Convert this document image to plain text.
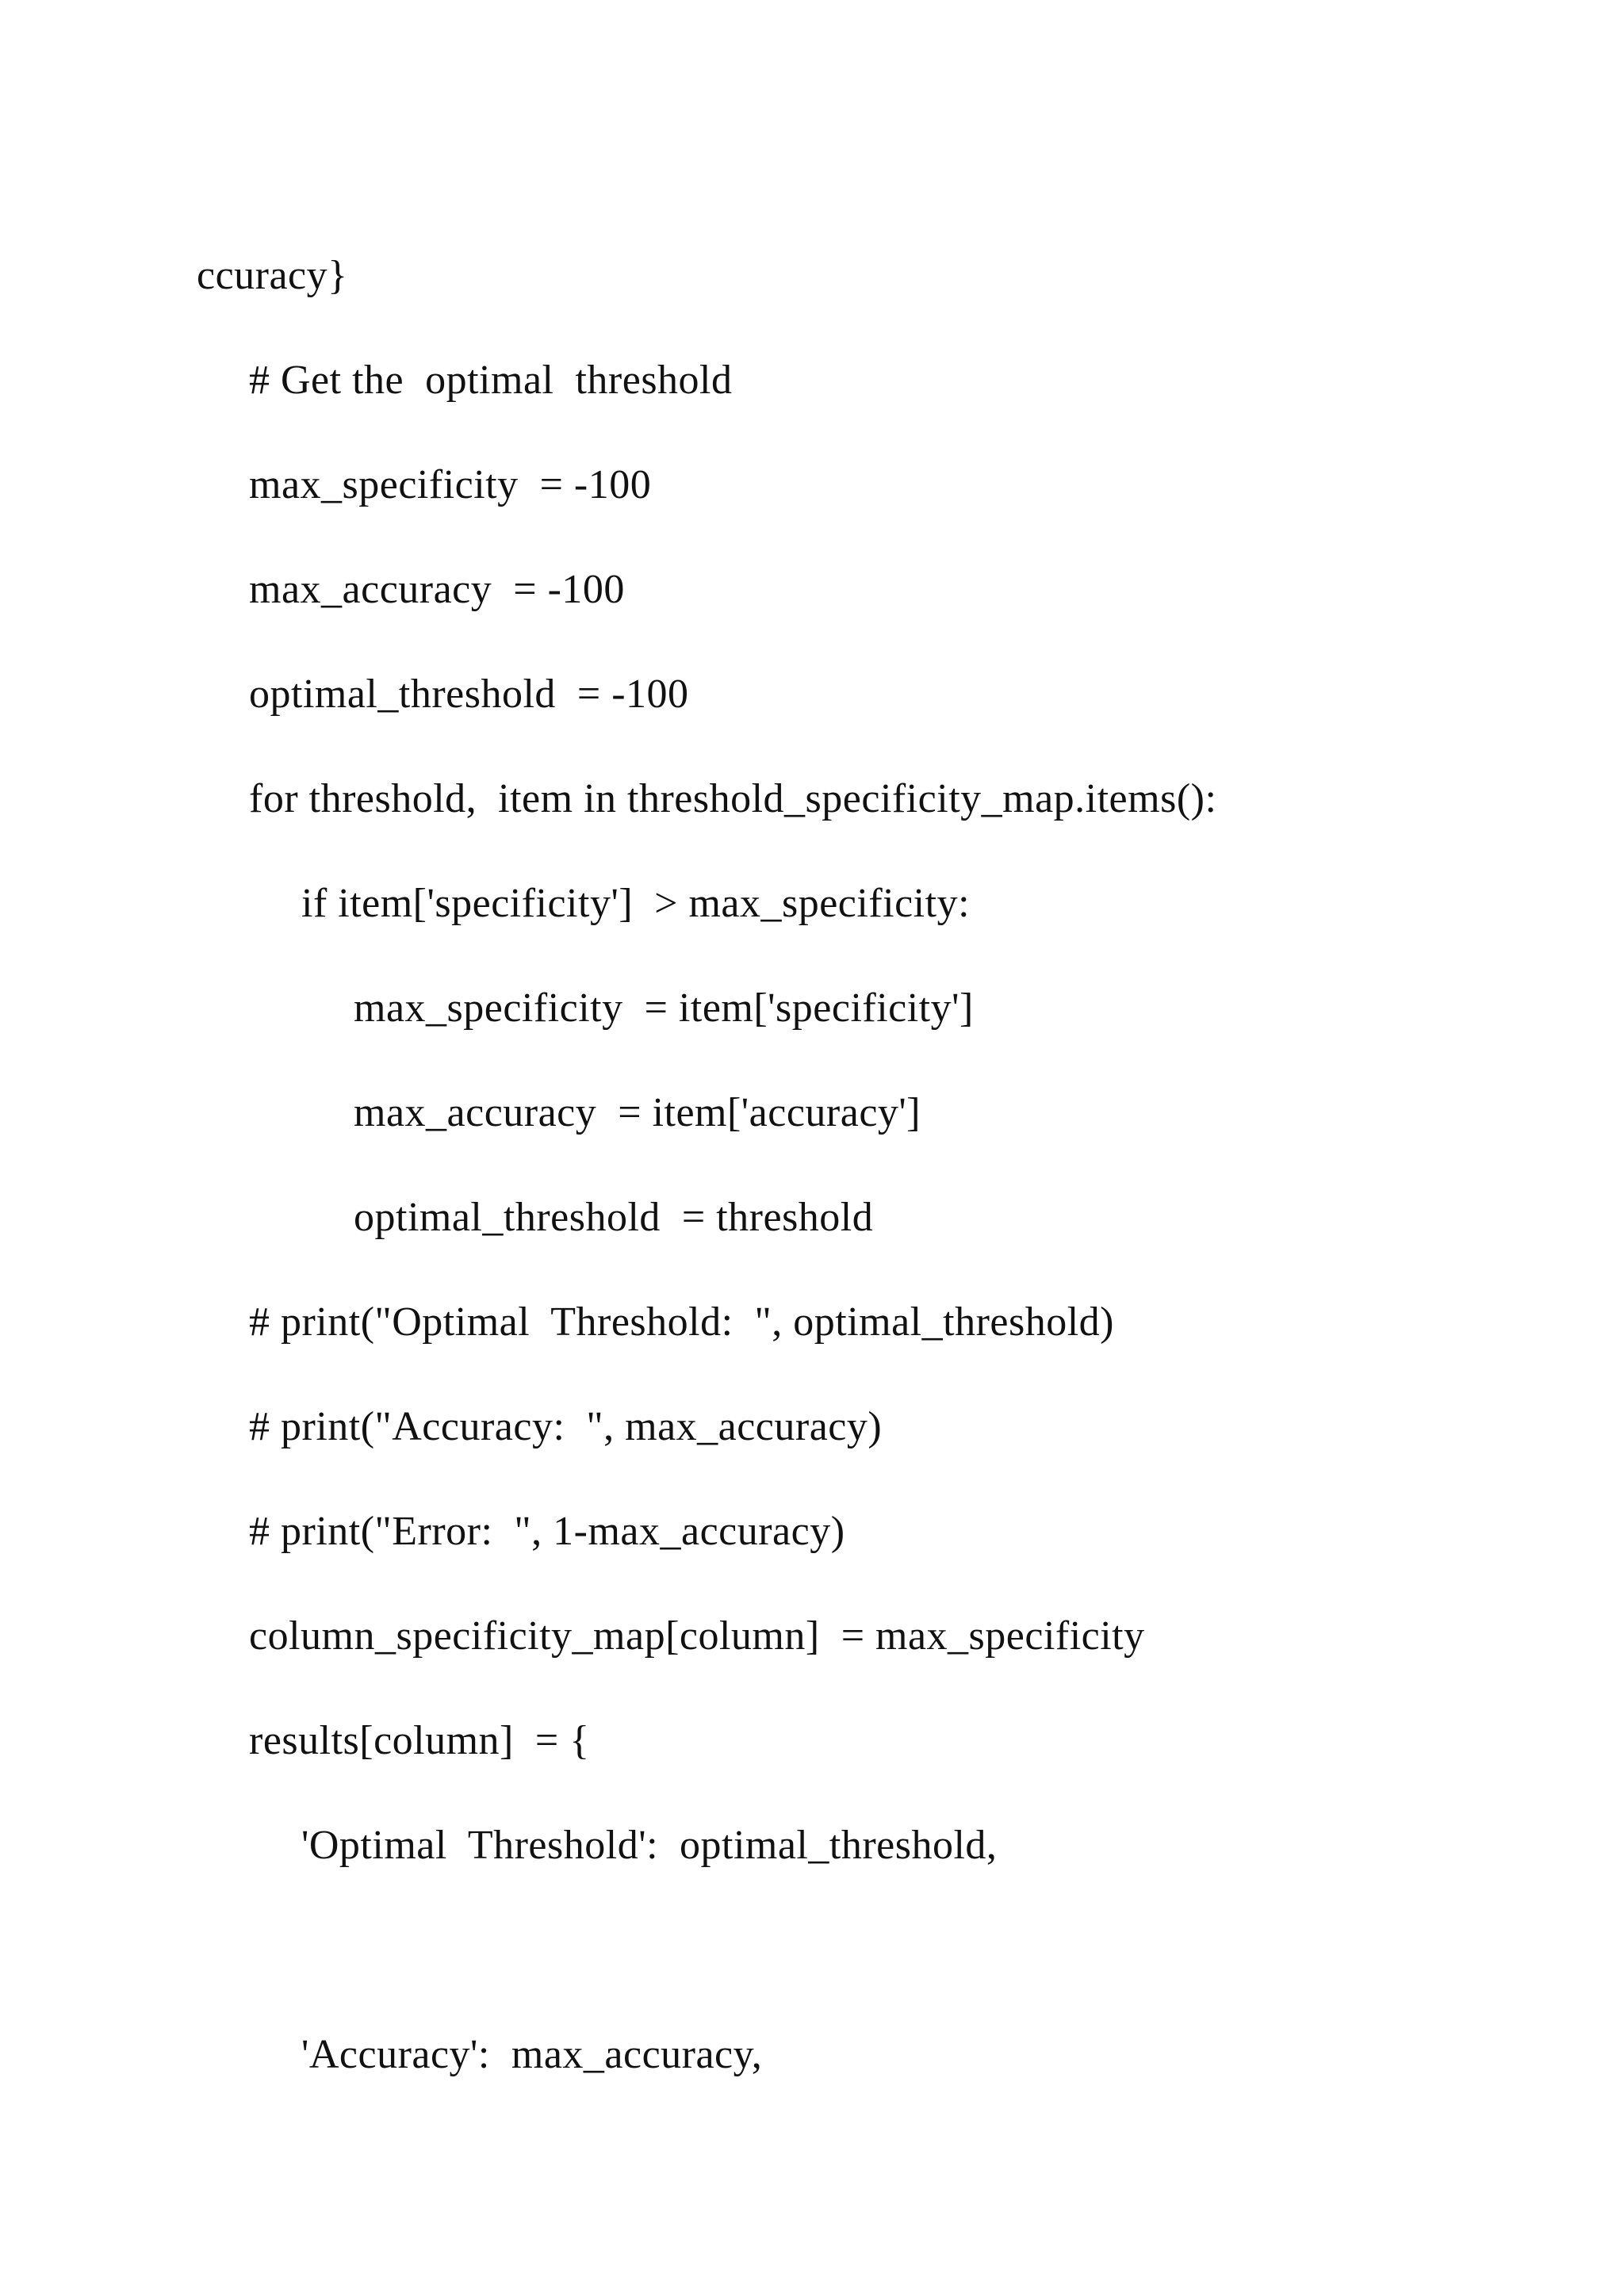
ccuracy}
# Get the  optimal  threshold
max_specificity  = -100
max_accuracy  = -100
optimal_threshold  = -100
for threshold,  item in threshold_specificity_map.items():
if item['specificity']  > max_specificity:
max_specificity  = item['specificity']
max_accuracy  = item['accuracy']
optimal_threshold  = threshold
# print("Optimal  Threshold:  ", optimal_threshold)
# print("Accuracy:  ", max_accuracy)
# print("Error:  ", 1-max_accuracy)
column_specificity_map[column]  = max_specificity
results[column]  = {
'Optimal  Threshold':  optimal_threshold,
'Accuracy':  max_accuracy,
